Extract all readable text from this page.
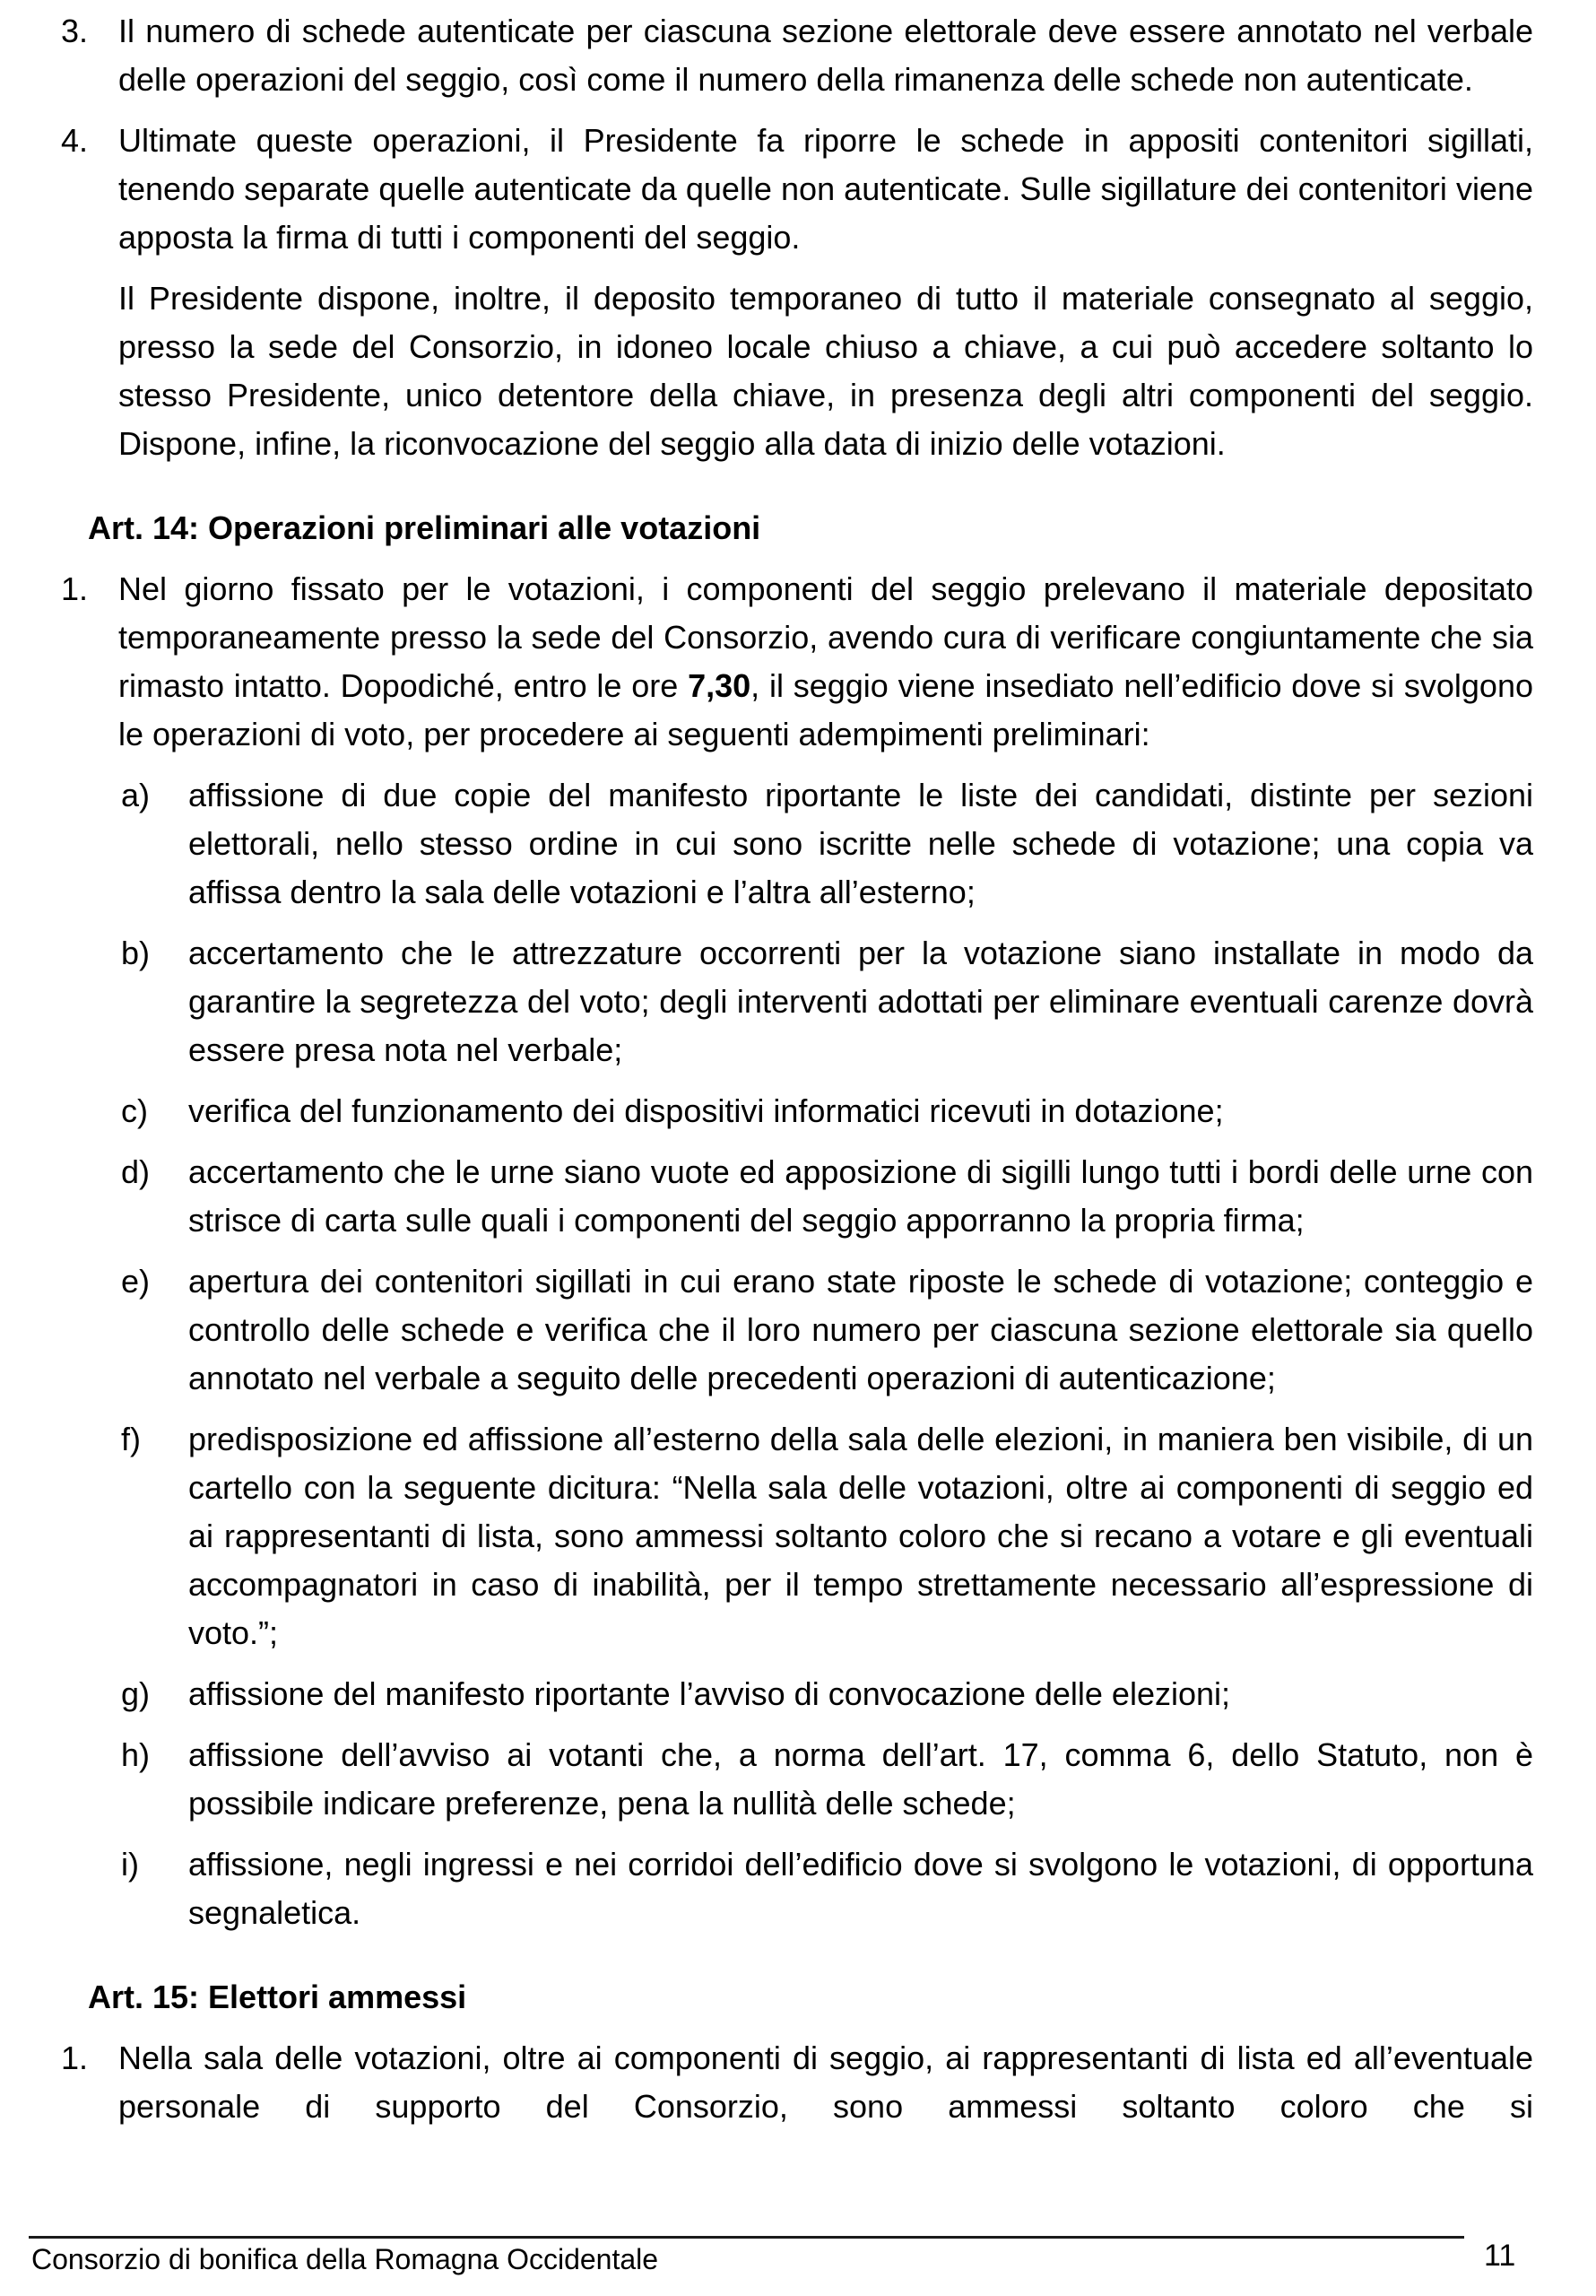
3. Il numero di schede autenticate per ciascuna sezione elettorale deve essere annotato nel verbale delle operazioni del seggio, così come il numero della rimanenza delle schede non autenticate.
4. Ultimate queste operazioni, il Presidente fa riporre le schede in appositi contenitori sigillati, tenendo separate quelle autenticate da quelle non autenticate. Sulle sigillature dei contenitori viene apposta la firma di tutti i componenti del seggio.
Il Presidente dispone, inoltre, il deposito temporaneo di tutto il materiale consegnato al seggio, presso la sede del Consorzio, in idoneo locale chiuso a chiave, a cui può accedere soltanto lo stesso Presidente, unico detentore della chiave, in presenza degli altri componenti del seggio. Dispone, infine, la riconvocazione del seggio alla data di inizio delle votazioni.
Art. 14: Operazioni preliminari alle votazioni
1. Nel giorno fissato per le votazioni, i componenti del seggio prelevano il materiale depositato temporaneamente presso la sede del Consorzio, avendo cura di verificare congiuntamente che sia rimasto intatto. Dopodiché, entro le ore 7,30, il seggio viene insediato nell’edificio dove si svolgono le operazioni di voto, per procedere ai seguenti adempimenti preliminari:
a) affissione di due copie del manifesto riportante le liste dei candidati, distinte per sezioni elettorali, nello stesso ordine in cui sono iscritte nelle schede di votazione; una copia va affissa dentro la sala delle votazioni e l’altra all’esterno;
b) accertamento che le attrezzature occorrenti per la votazione siano installate in modo da garantire la segretezza del voto; degli interventi adottati per eliminare eventuali carenze dovrà essere presa nota nel verbale;
c) verifica del funzionamento dei dispositivi informatici ricevuti in dotazione;
d) accertamento che le urne siano vuote ed apposizione di sigilli lungo tutti i bordi delle urne con strisce di carta sulle quali i componenti del seggio apporranno la propria firma;
e) apertura dei contenitori sigillati in cui erano state riposte le schede di votazione; conteggio e controllo delle schede e verifica che il loro numero per ciascuna sezione elettorale sia quello annotato nel verbale a seguito delle precedenti operazioni di autenticazione;
f) predisposizione ed affissione all’esterno della sala delle elezioni, in maniera ben visibile, di un cartello con la seguente dicitura: “Nella sala delle votazioni, oltre ai componenti di seggio ed ai rappresentanti di lista, sono ammessi soltanto coloro che si recano a votare e gli eventuali accompagnatori in caso di inabilità, per il tempo strettamente necessario all’espressione di voto.”;
g) affissione del manifesto riportante l’avviso di convocazione delle elezioni;
h) affissione dell’avviso ai votanti che, a norma dell’art. 17, comma 6, dello Statuto, non è possibile indicare preferenze, pena la nullità delle schede;
i) affissione, negli ingressi e nei corridoi dell’edificio dove si svolgono le votazioni, di opportuna segnaletica.
Art. 15: Elettori ammessi
1. Nella sala delle votazioni, oltre ai componenti di seggio, ai rappresentanti di lista ed all’eventuale personale di supporto del Consorzio, sono ammessi soltanto coloro che si
Consorzio di bonifica della Romagna Occidentale	11
